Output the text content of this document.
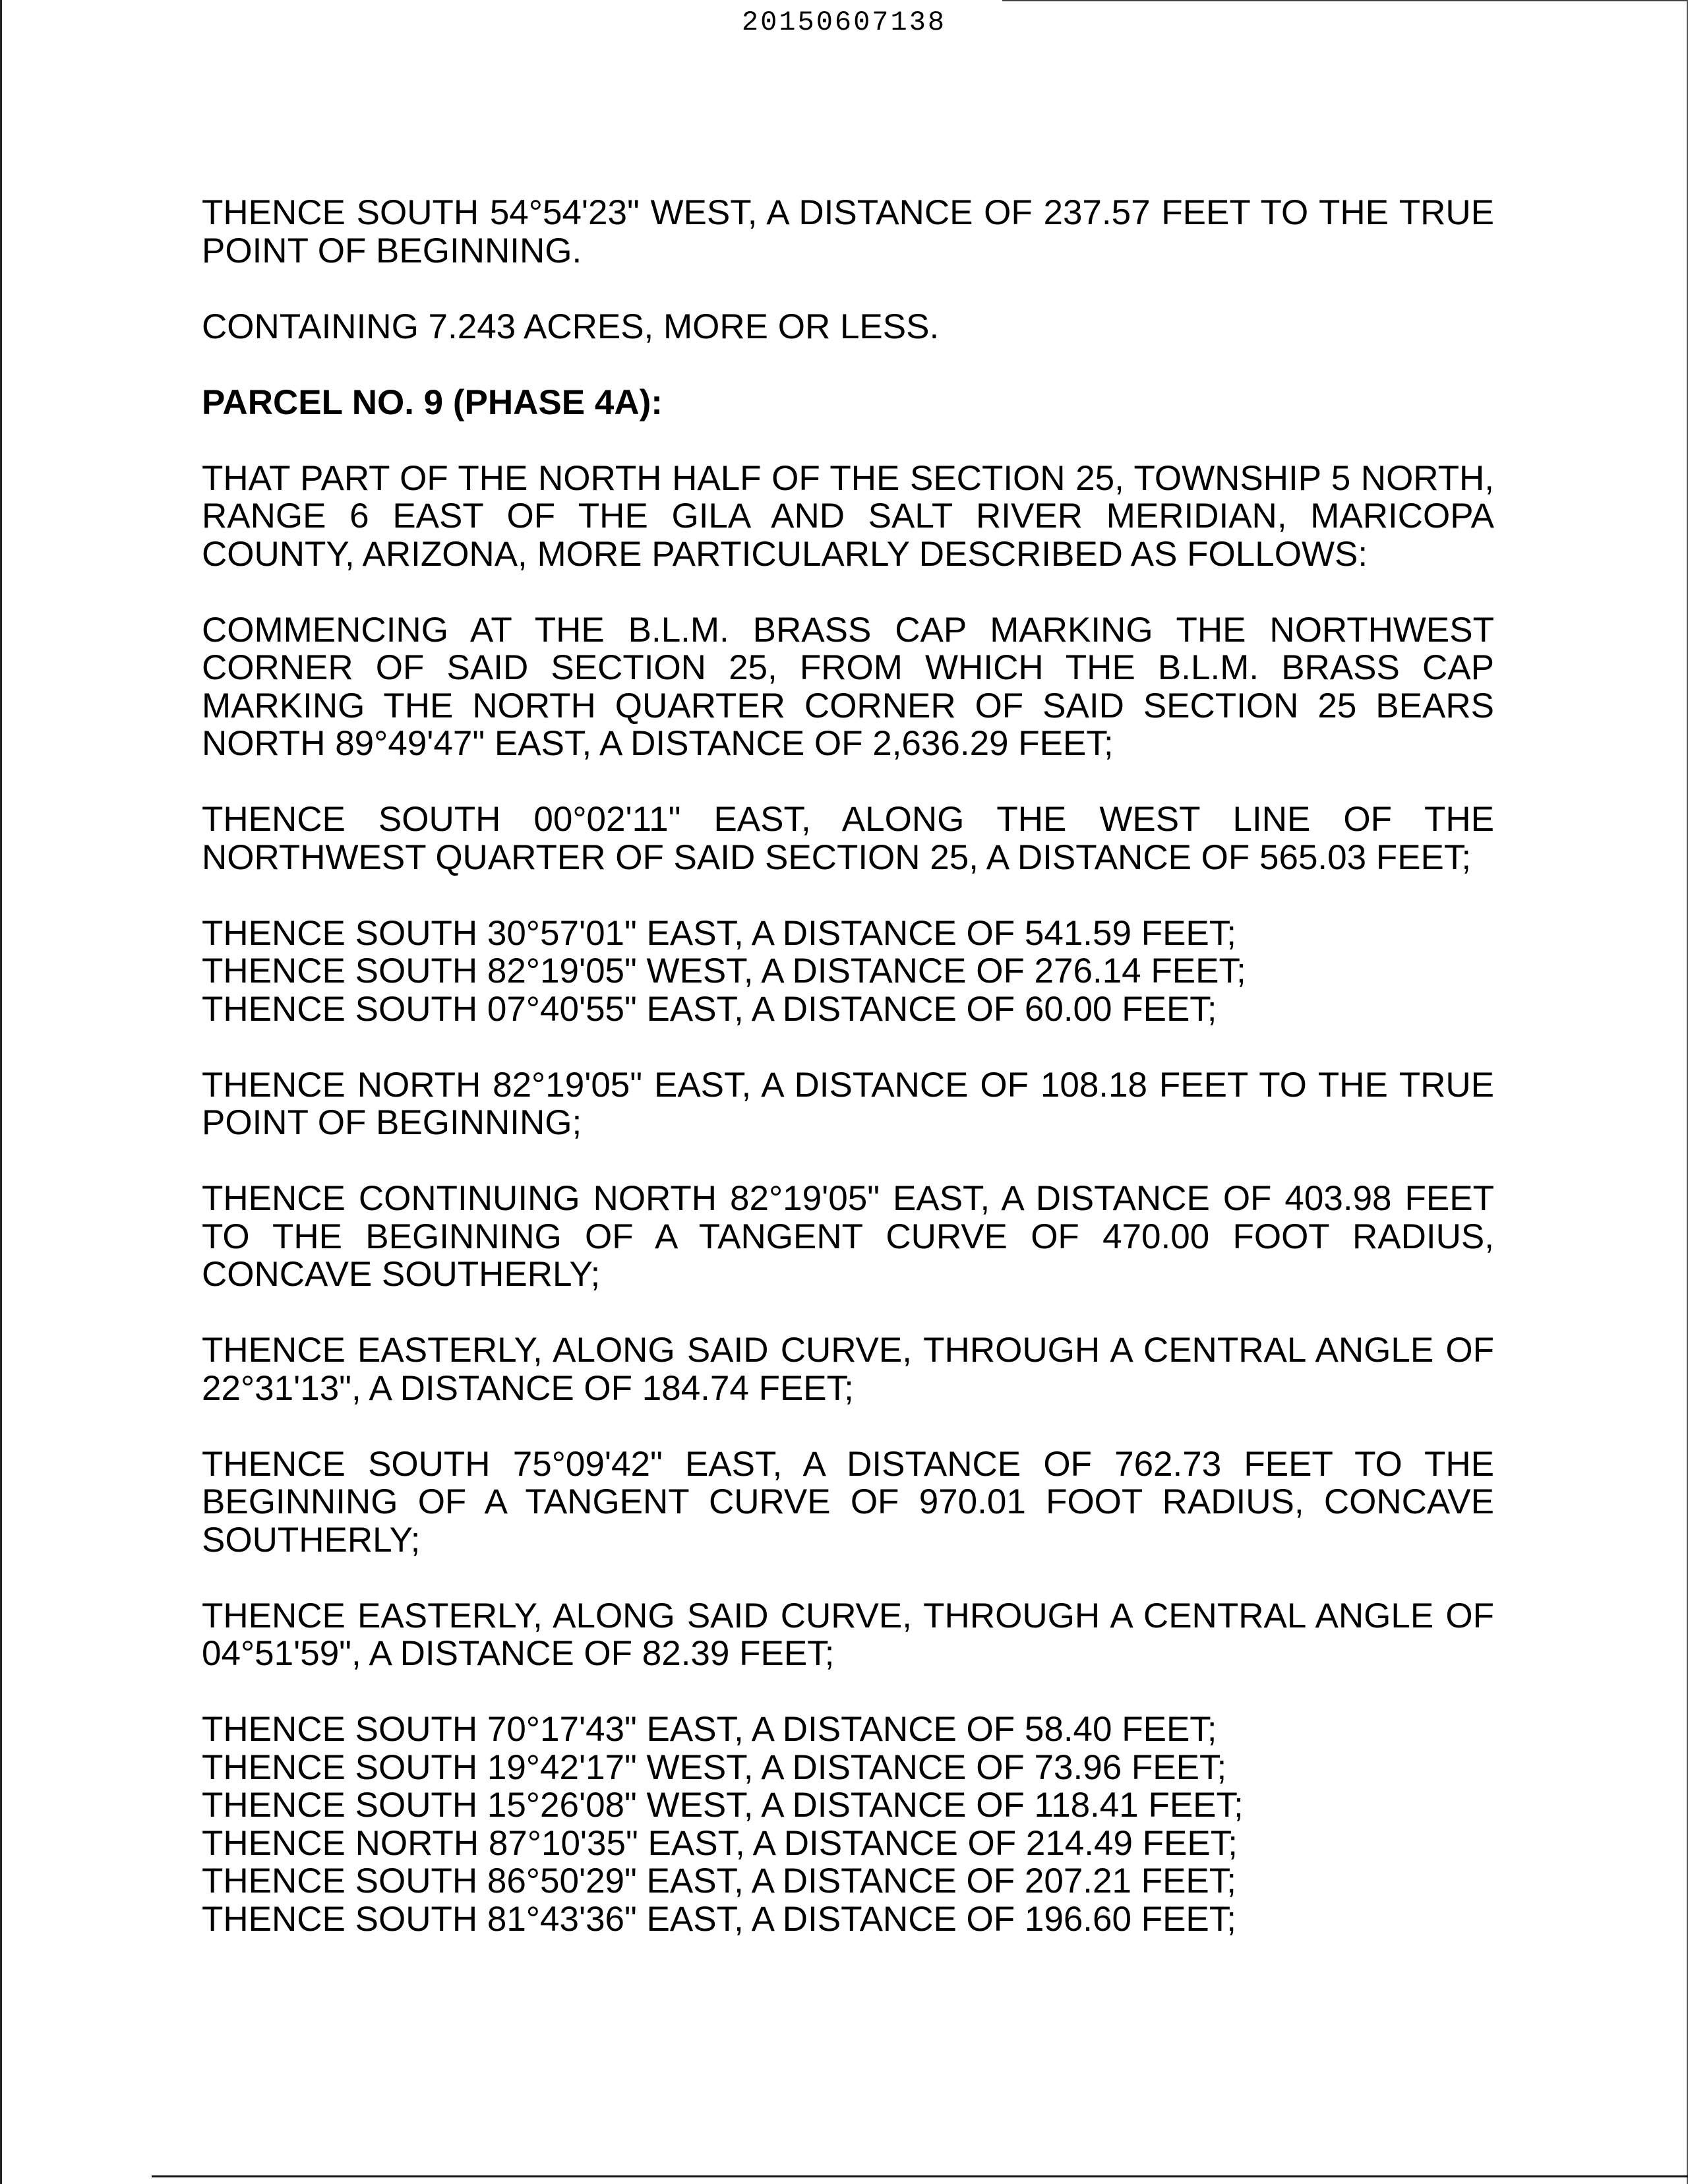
20150607138

THENCE SOUTH 54°54'23" WEST, A DISTANCE OF 237.57 FEET TO THE TRUE POINT OF BEGINNING.

CONTAINING 7.243 ACRES, MORE OR LESS.

PARCEL NO. 9 (PHASE 4A):

THAT PART OF THE NORTH HALF OF THE SECTION 25, TOWNSHIP 5 NORTH, RANGE 6 EAST OF THE GILA AND SALT RIVER MERIDIAN, MARICOPA COUNTY, ARIZONA, MORE PARTICULARLY DESCRIBED AS FOLLOWS:

COMMENCING AT THE B.L.M. BRASS CAP MARKING THE NORTHWEST CORNER OF SAID SECTION 25, FROM WHICH THE B.L.M. BRASS CAP MARKING THE NORTH QUARTER CORNER OF SAID SECTION 25 BEARS NORTH 89°49'47" EAST, A DISTANCE OF 2,636.29 FEET;

THENCE SOUTH 00°02'11" EAST, ALONG THE WEST LINE OF THE NORTHWEST QUARTER OF SAID SECTION 25, A DISTANCE OF 565.03 FEET;

THENCE SOUTH 30°57'01" EAST, A DISTANCE OF 541.59 FEET;
THENCE SOUTH 82°19'05" WEST, A DISTANCE OF 276.14 FEET;
THENCE SOUTH 07°40'55" EAST, A DISTANCE OF 60.00 FEET;

THENCE NORTH 82°19'05" EAST, A DISTANCE OF 108.18 FEET TO THE TRUE POINT OF BEGINNING;

THENCE CONTINUING NORTH 82°19'05" EAST, A DISTANCE OF 403.98 FEET TO THE BEGINNING OF A TANGENT CURVE OF 470.00 FOOT RADIUS, CONCAVE SOUTHERLY;

THENCE EASTERLY, ALONG SAID CURVE, THROUGH A CENTRAL ANGLE OF 22°31'13", A DISTANCE OF 184.74 FEET;

THENCE SOUTH 75°09'42" EAST, A DISTANCE OF 762.73 FEET TO THE BEGINNING OF A TANGENT CURVE OF 970.01 FOOT RADIUS, CONCAVE SOUTHERLY;

THENCE EASTERLY, ALONG SAID CURVE, THROUGH A CENTRAL ANGLE OF 04°51'59", A DISTANCE OF 82.39 FEET;

THENCE SOUTH 70°17'43" EAST, A DISTANCE OF 58.40 FEET;
THENCE SOUTH 19°42'17" WEST, A DISTANCE OF 73.96 FEET;
THENCE SOUTH 15°26'08" WEST, A DISTANCE OF 118.41 FEET;
THENCE NORTH 87°10'35" EAST, A DISTANCE OF 214.49 FEET;
THENCE SOUTH 86°50'29" EAST, A DISTANCE OF 207.21 FEET;
THENCE SOUTH 81°43'36" EAST, A DISTANCE OF 196.60 FEET;
